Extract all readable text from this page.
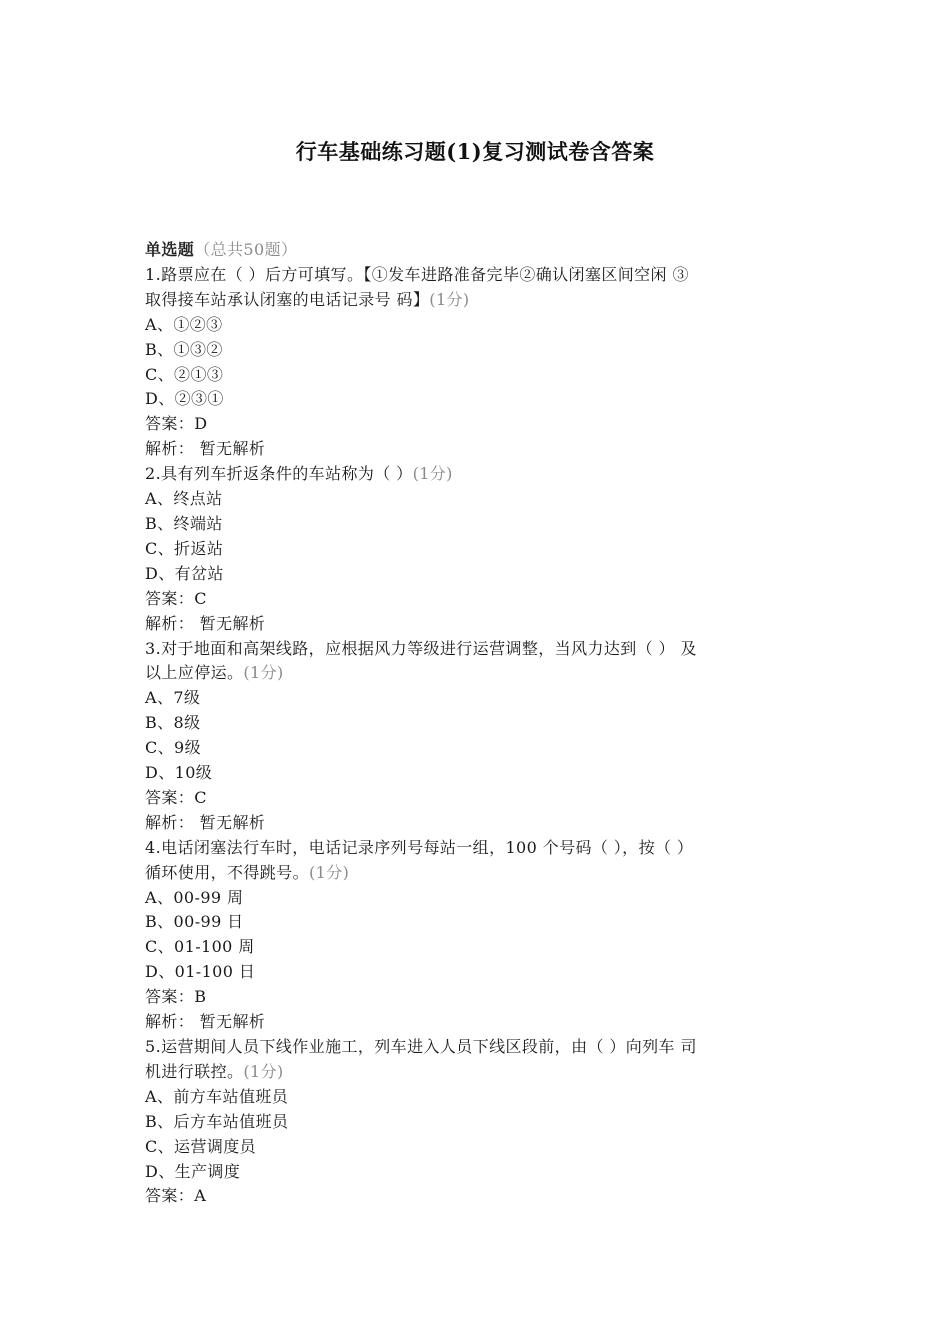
行车基础练习题(1)复习测试卷含答案
单选题（总共50题）
1.路票应在（ ）后方可填写。【①发车进路准备完毕②确认闭塞区间空闲 ③
取得接车站承认闭塞的电话记录号 码】(1分)
A、①②③
B、①③②
C、②①③
D、②③①
答案：D
解析： 暂无解析
2.具有列车折返条件的车站称为（ ）(1分)
A、终点站
B、终端站
C、折返站
D、有岔站
答案：C
解析： 暂无解析
3.对于地面和高架线路，应根据风力等级进行运营调整，当风力达到（ ） 及
以上应停运。(1分)
A、7级
B、8级
C、9级
D、10级
答案：C
解析： 暂无解析
4.电话闭塞法行车时，电话记录序列号每站一组，100 个号码（ ），按（ ）
循环使用，不得跳号。(1分)
A、00-99 周
B、00-99 日
C、01-100 周
D、01-100 日
答案：B
解析： 暂无解析
5.运营期间人员下线作业施工，列车进入人员下线区段前，由（ ）向列车 司
机进行联控。(1分)
A、前方车站值班员
B、后方车站值班员
C、运营调度员
D、生产调度
答案：A
